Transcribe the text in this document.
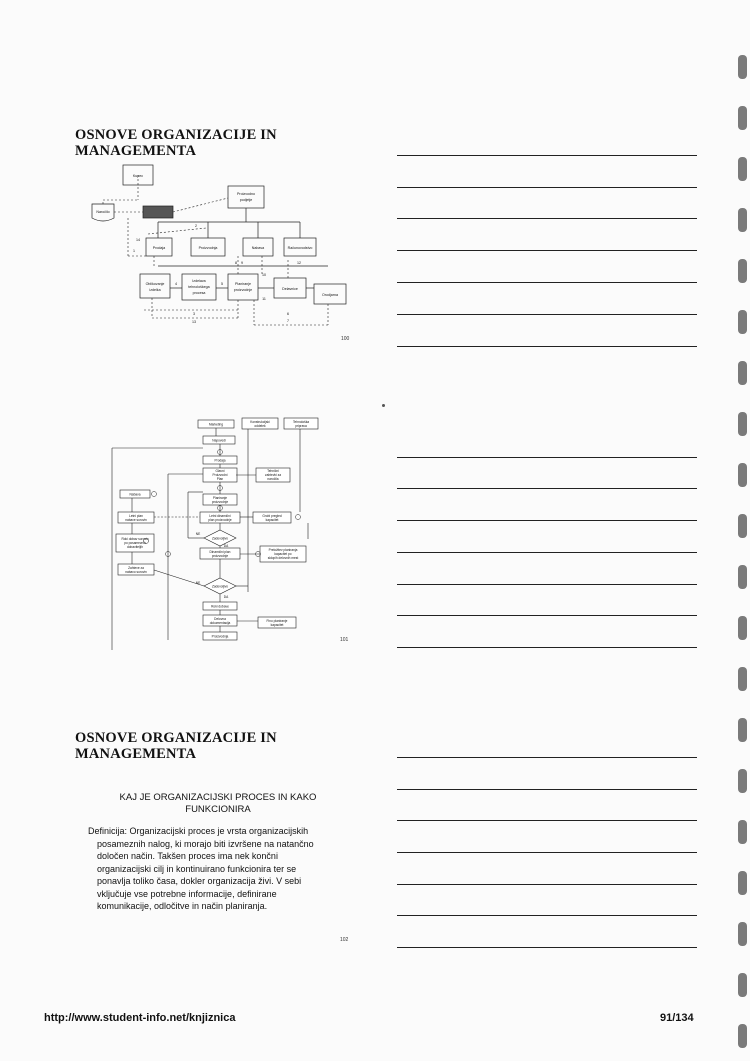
OSNOVE ORGANIZACIJE IN
MANAGEMENTA
Kupec
Proizvodno
podjetje
Naročilo
Prodaja	Proizvodnja	Nabava	Računovodstvo
Oblikovanje
izdelka
Izdelava
tehnološkega
procesa
Planiranje
proizvodnje	Delavnice
Orodjarna
1
2
3
4	5
6
7
8 9
10
11
12
13
14
100
Marketing
Konstrukcijski
oddelek
Tehnološka
priprava
Napovedi
Prodaja
Glavni
Proizvodni
Plan
Tehnični
zahtevki za
naročila
Planiranje
proizvodnje
Nabava
Letni plan
nabave surovin
Letni dinamični
plan proizvodnje
Grobi pregled
kapacitet
Zadovoljivo
Roki dobav surovin
po posameznih
dobaviteljih
NE
DA
Dinamični plan
proizvodnje
Preložitev planiranja
kapacitet po
sklopih delovnih mest
Zahteve za
nabavo surovin
Zadovoljivo
NE
DA
Roki dobave
Delovna
dokumentacija	Fino planiranje
kapacitet
Proizvodnja
101
OSNOVE ORGANIZACIJE IN
MANAGEMENTA
KAJ JE ORGANIZACIJSKI PROCES IN KAKO
FUNKCIONIRA
Definicija: Organizacijski proces je vrsta organizacijskih
posameznih nalog, ki morajo biti izvršene na natančno
določen način. Takšen proces ima nek končni
organizacijski cilj in kontinuirano funkcionira ter se
ponavlja toliko časa, dokler organizacija živi. V sebi
vključuje vse potrebne informacije, definirane
komunikacije, odločitve in način planiranja.
102
http://www.student-info.net/knjiznica	91/134
